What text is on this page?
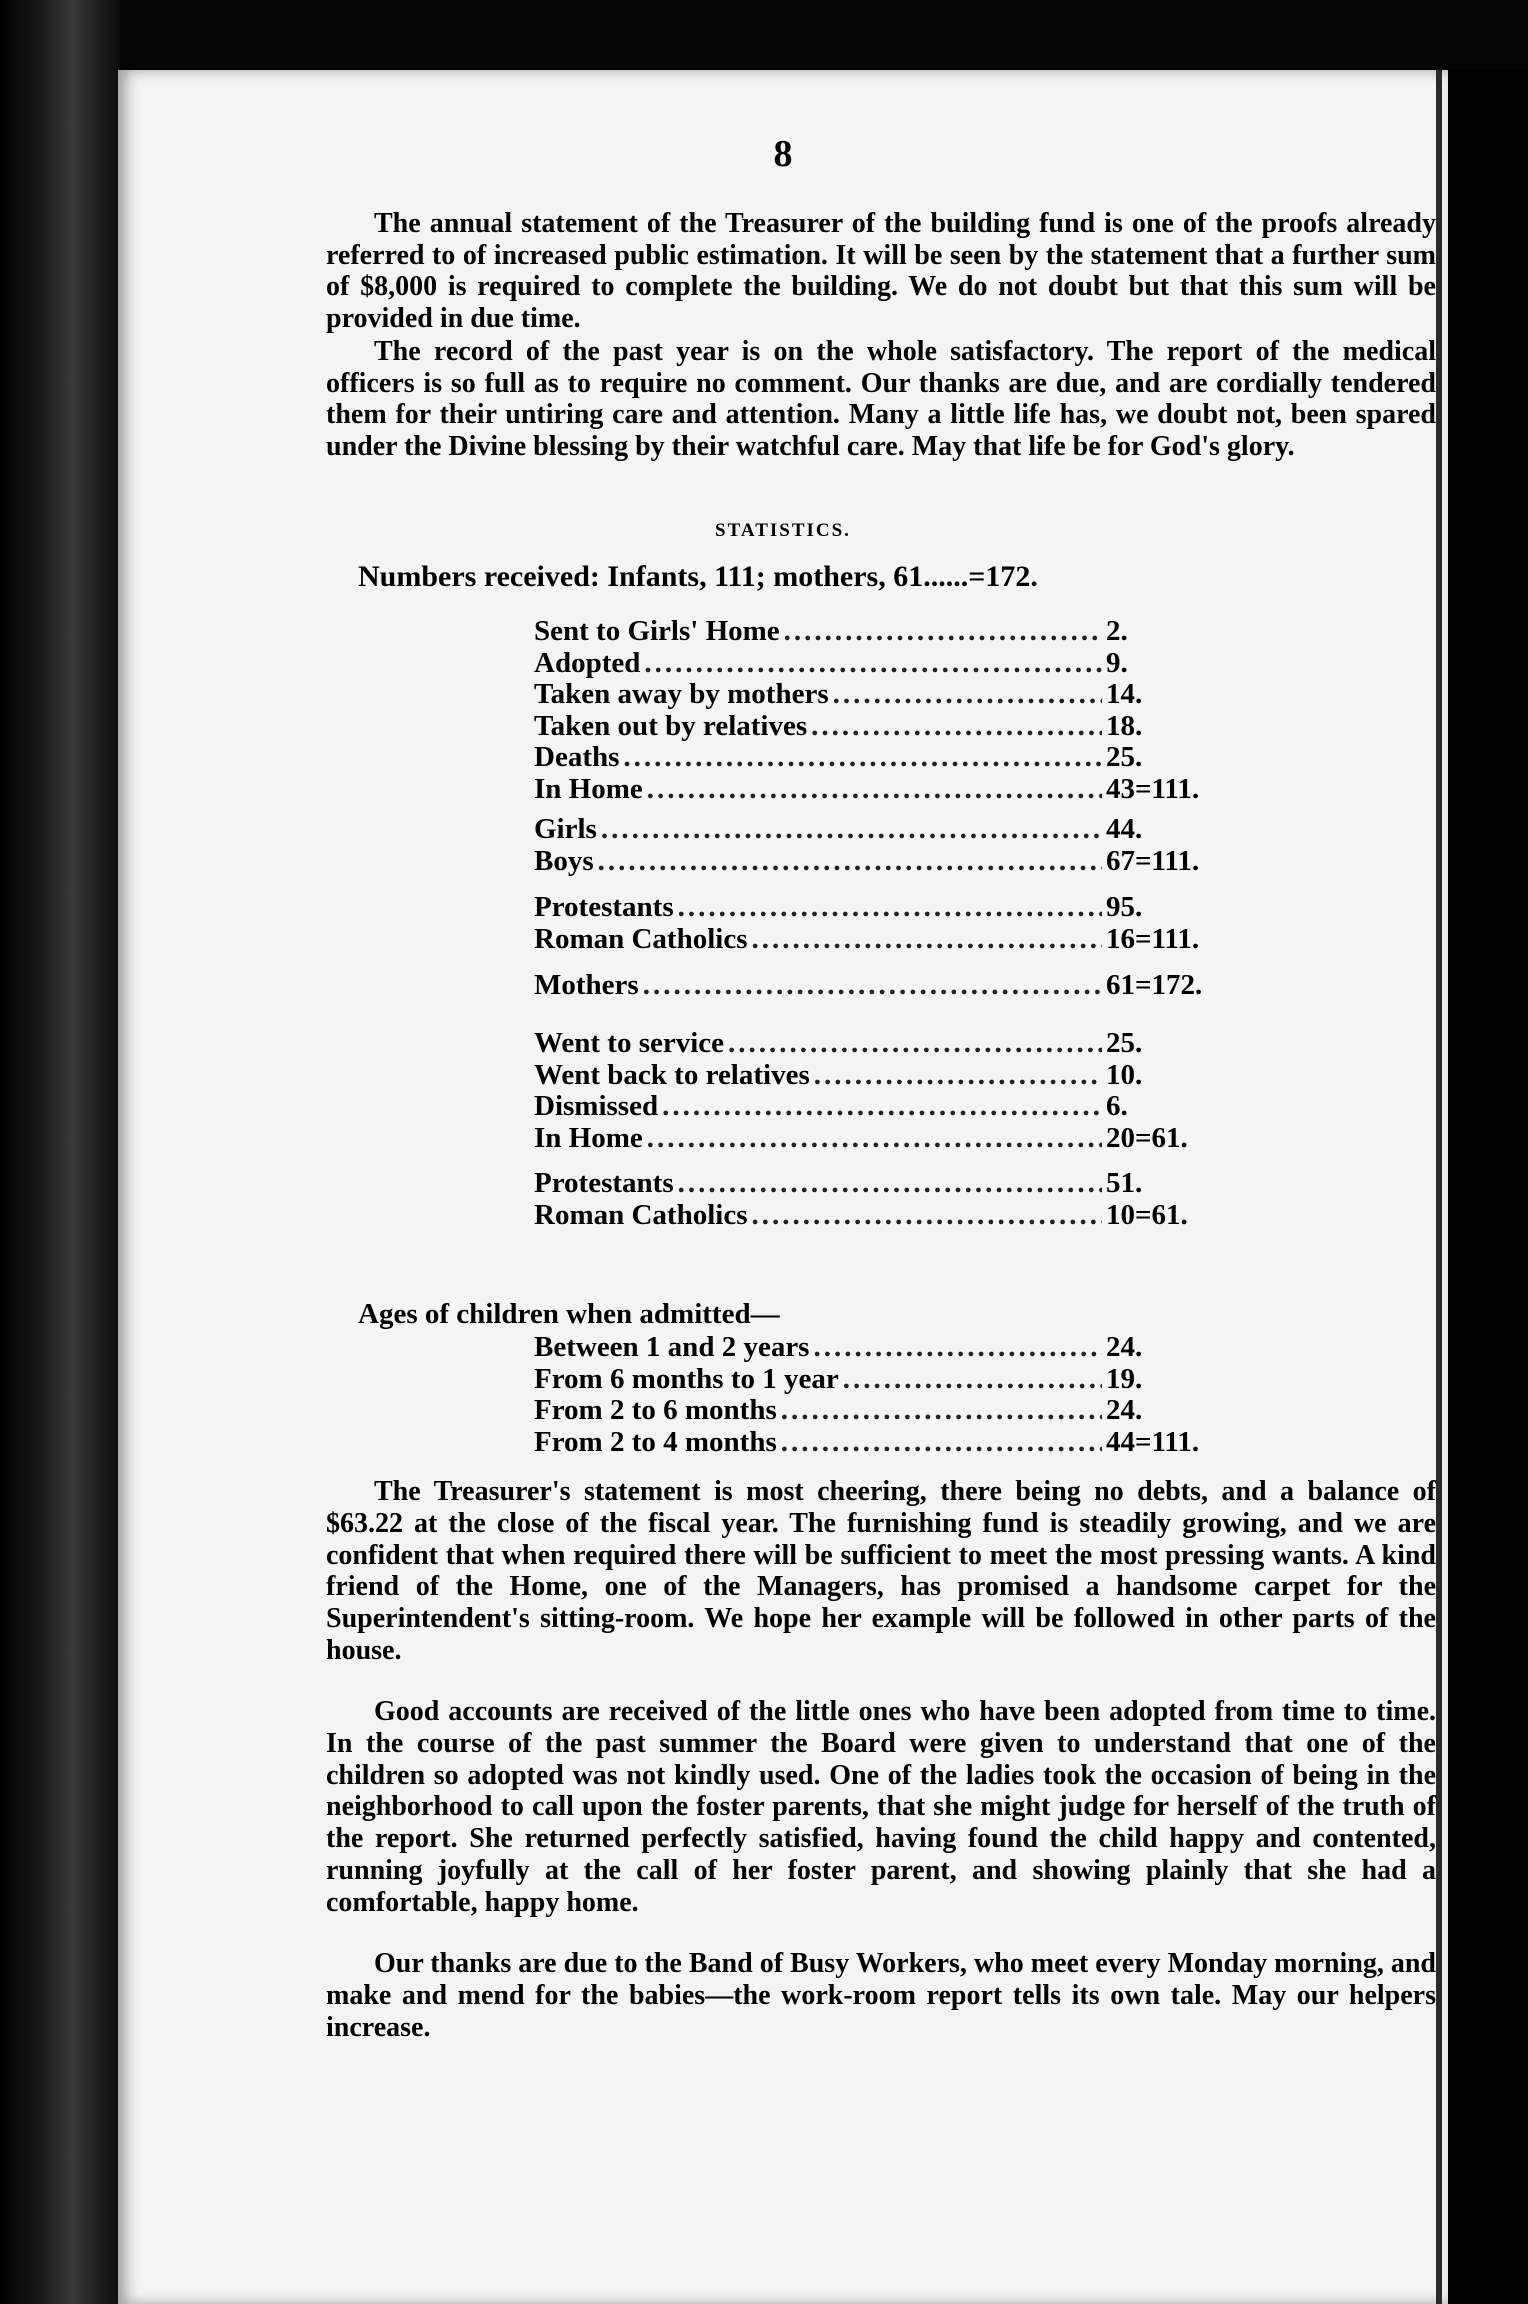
8

The annual statement of the Treasurer of the building fund is one of the proofs already referred to of increased public estimation. It will be seen by the statement that a further sum of $8,000 is required to complete the building. We do not doubt but that this sum will be provided in due time.

The record of the past year is on the whole satisfactory. The report of the medical officers is so full as to require no comment. Our thanks are due, and are cordially tendered them for their untiring care and attention. Many a little life has, we doubt not, been spared under the Divine blessing by their watchful care. May that life be for God's glory.

STATISTICS.
Numbers received: Infants, 111; mothers, 61......=172.
Sent to Girls' Home .....	2.
Adopted .....	9.
Taken away by mothers .....	14.
Taken out by relatives .....	18.
Deaths .....	25.
In Home .....	43=111.
Girls .....	44.
Boys .....	67=111.
Protestants .....	95.
Roman Catholics .....	16=111.
Mothers .....	61=172.
Went to service .....	25.
Went back to relatives .....	10.
Dismissed .....	6.
In Home .....	20=61.
Protestants .....	51.
Roman Catholics .....	10=61.
Ages of children when admitted—
Between 1 and 2 years .....	24.
From 6 months to 1 year .....	19.
From 2 to 6 months .....	24.
From 2 to 4 months .....	44=111.

The Treasurer's statement is most cheering, there being no debts, and a balance of $63.22 at the close of the fiscal year. The furnishing fund is steadily growing, and we are confident that when required there will be sufficient to meet the most pressing wants. A kind friend of the Home, one of the Managers, has promised a handsome carpet for the Superintendent's sitting-room. We hope her example will be followed in other parts of the house.

Good accounts are received of the little ones who have been adopted from time to time. In the course of the past summer the Board were given to understand that one of the children so adopted was not kindly used. One of the ladies took the occasion of being in the neighborhood to call upon the foster parents, that she might judge for herself of the truth of the report. She returned perfectly satisfied, having found the child happy and contented, running joyfully at the call of her foster parent, and showing plainly that she had a comfortable, happy home.

Our thanks are due to the Band of Busy Workers, who meet every Monday morning, and make and mend for the babies—the work-room report tells its own tale. May our helpers increase.
